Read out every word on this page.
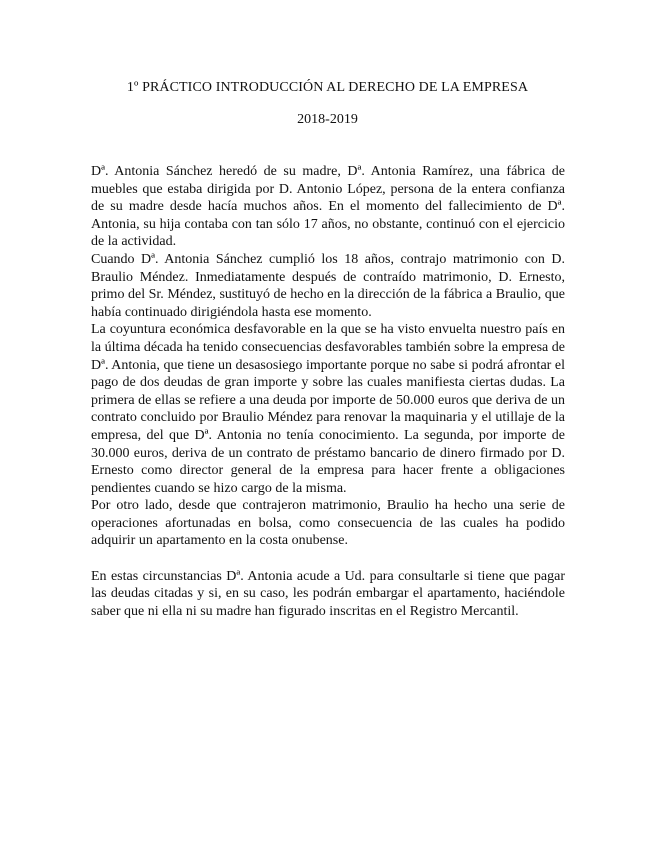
1º PRÁCTICO INTRODUCCIÓN AL DERECHO DE LA EMPRESA
2018-2019

Dª. Antonia Sánchez heredó de su madre, Dª. Antonia Ramírez, una fábrica de muebles que estaba dirigida por D. Antonio López, persona de la entera confianza de su madre desde hacía muchos años. En el momento del fallecimiento de Dª. Antonia, su hija contaba con tan sólo 17 años, no obstante, continuó con el ejercicio de la actividad.

Cuando Dª. Antonia Sánchez cumplió los 18 años, contrajo matrimonio con D. Braulio Méndez. Inmediatamente después de contraído matrimonio, D. Ernesto, primo del Sr. Méndez, sustituyó de hecho en la dirección de la fábrica a Braulio, que había continuado dirigiéndola hasta ese momento.

La coyuntura económica desfavorable en la que se ha visto envuelta nuestro país en la última década ha tenido consecuencias desfavorables también sobre la empresa de Dª. Antonia, que tiene un desasosiego importante porque no sabe si podrá afrontar el pago de dos deudas de gran importe y sobre las cuales manifiesta ciertas dudas. La primera de ellas se refiere a una deuda por importe de 50.000 euros que deriva de un contrato concluido por Braulio Méndez para renovar la maquinaria y el utillaje de la empresa, del que Dª. Antonia no tenía conocimiento. La segunda, por importe de 30.000 euros, deriva de un contrato de préstamo bancario de dinero firmado por D. Ernesto como director general de la empresa para hacer frente a obligaciones pendientes cuando se hizo cargo de la misma.

Por otro lado, desde que contrajeron matrimonio, Braulio ha hecho una serie de operaciones afortunadas en bolsa, como consecuencia de las cuales ha podido adquirir un apartamento en la costa onubense.

En estas circunstancias Dª. Antonia acude a Ud. para consultarle si tiene que pagar las deudas citadas y si, en su caso, les podrán embargar el apartamento, haciéndole saber que ni ella ni su madre han figurado inscritas en el Registro Mercantil.
